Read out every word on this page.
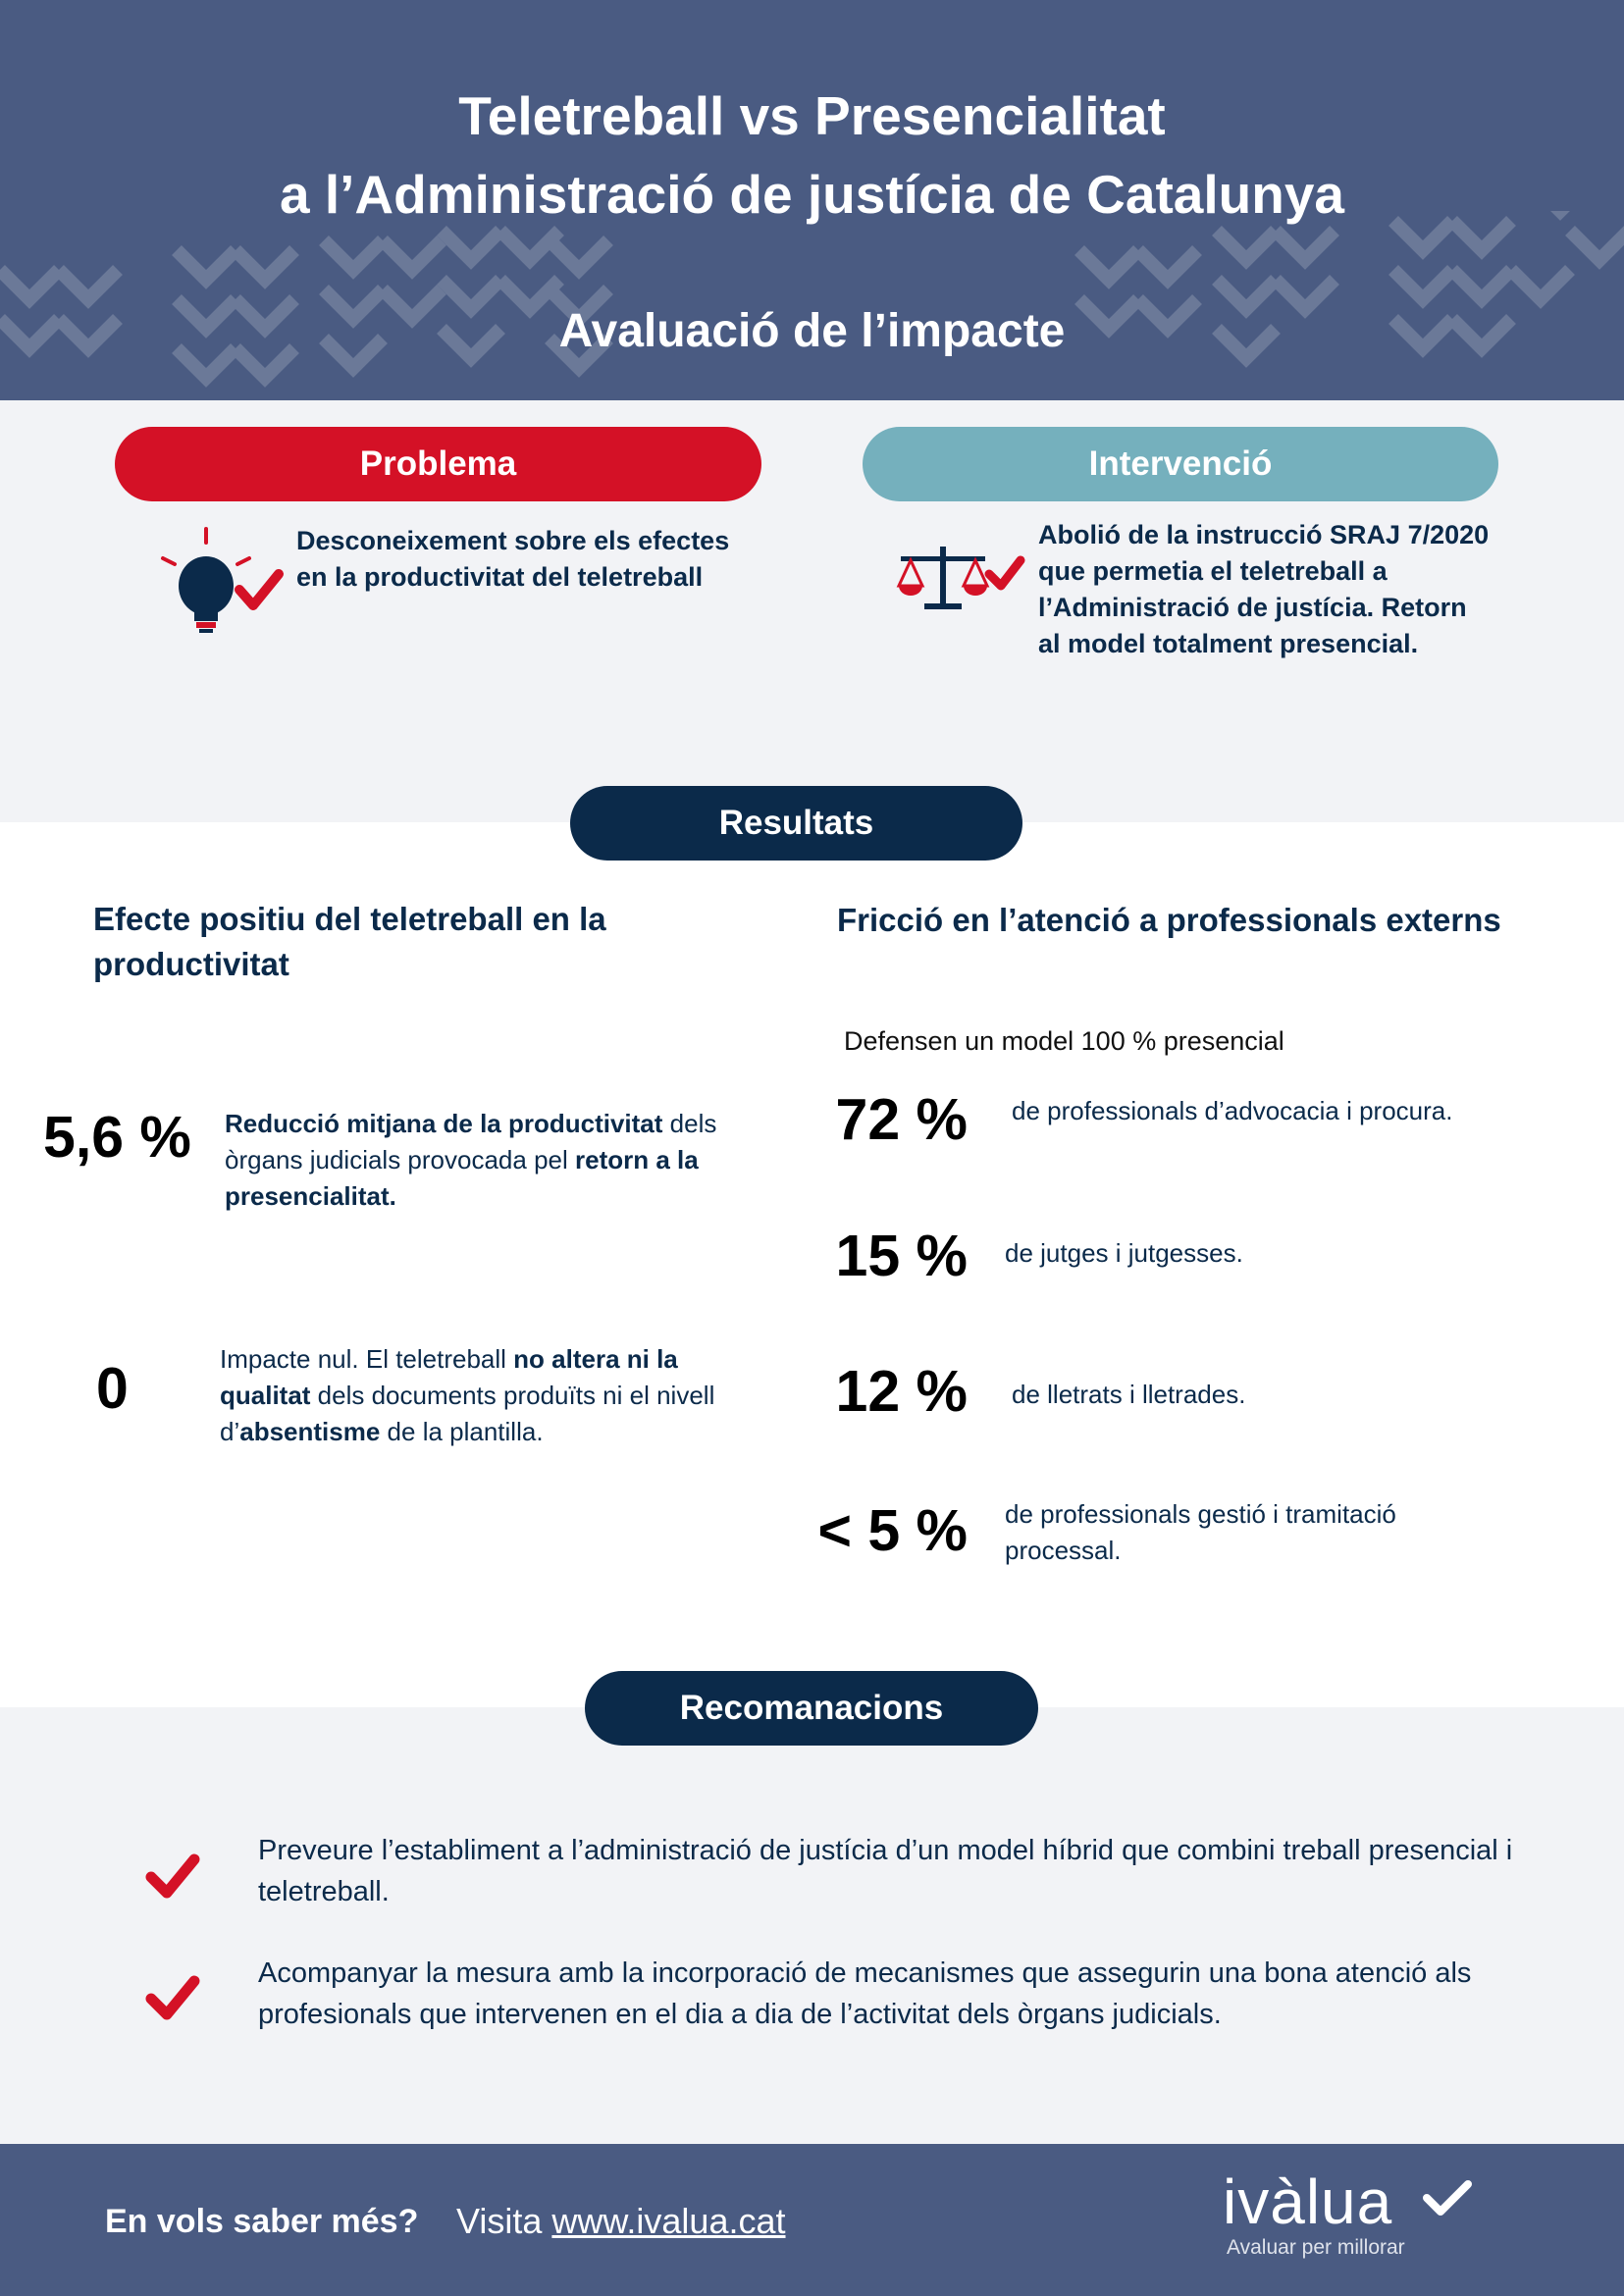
Teletreball vs Presencialitat
a l’Administració de justícia de Catalunya
Avaluació de l’impacte
Problema	Intervenció
Desconeixement sobre els efectes en la productivitat del teletreball
Abolió de la instrucció SRAJ 7/2020 que permetia el teletreball a l’Administració de justícia. Retorn al model totalment presencial.
Resultats
Efecte positiu del teletreball en la productivitat
Fricció en l’atenció a professionals externs
5,6 %	Reducció mitjana de la productivitat dels òrgans judicials provocada pel retorn a la presencialitat.
0	Impacte nul. El teletreball no altera ni la qualitat dels documents produïts ni el nivell d’absentisme de la plantilla.
Defensen un model 100 % presencial
72 % de professionals d’advocacia i procura.
15 % de jutges i jutgesses.
12 % de lletrats i lletrades.
< 5 % de professionals gestió i tramitació processal.
Recomanacions
Preveure l’establiment a l’administració de justícia d’un model híbrid que combini treball presencial i teletreball.
Acompanyar la mesura amb la incorporació de mecanismes que assegurin una bona atenció als profesionals que intervenen en el dia a dia de l’activitat dels òrgans judicials.
En vols saber més? Visita www.ivalua.cat	ivàlua
Avaluar per millorar
